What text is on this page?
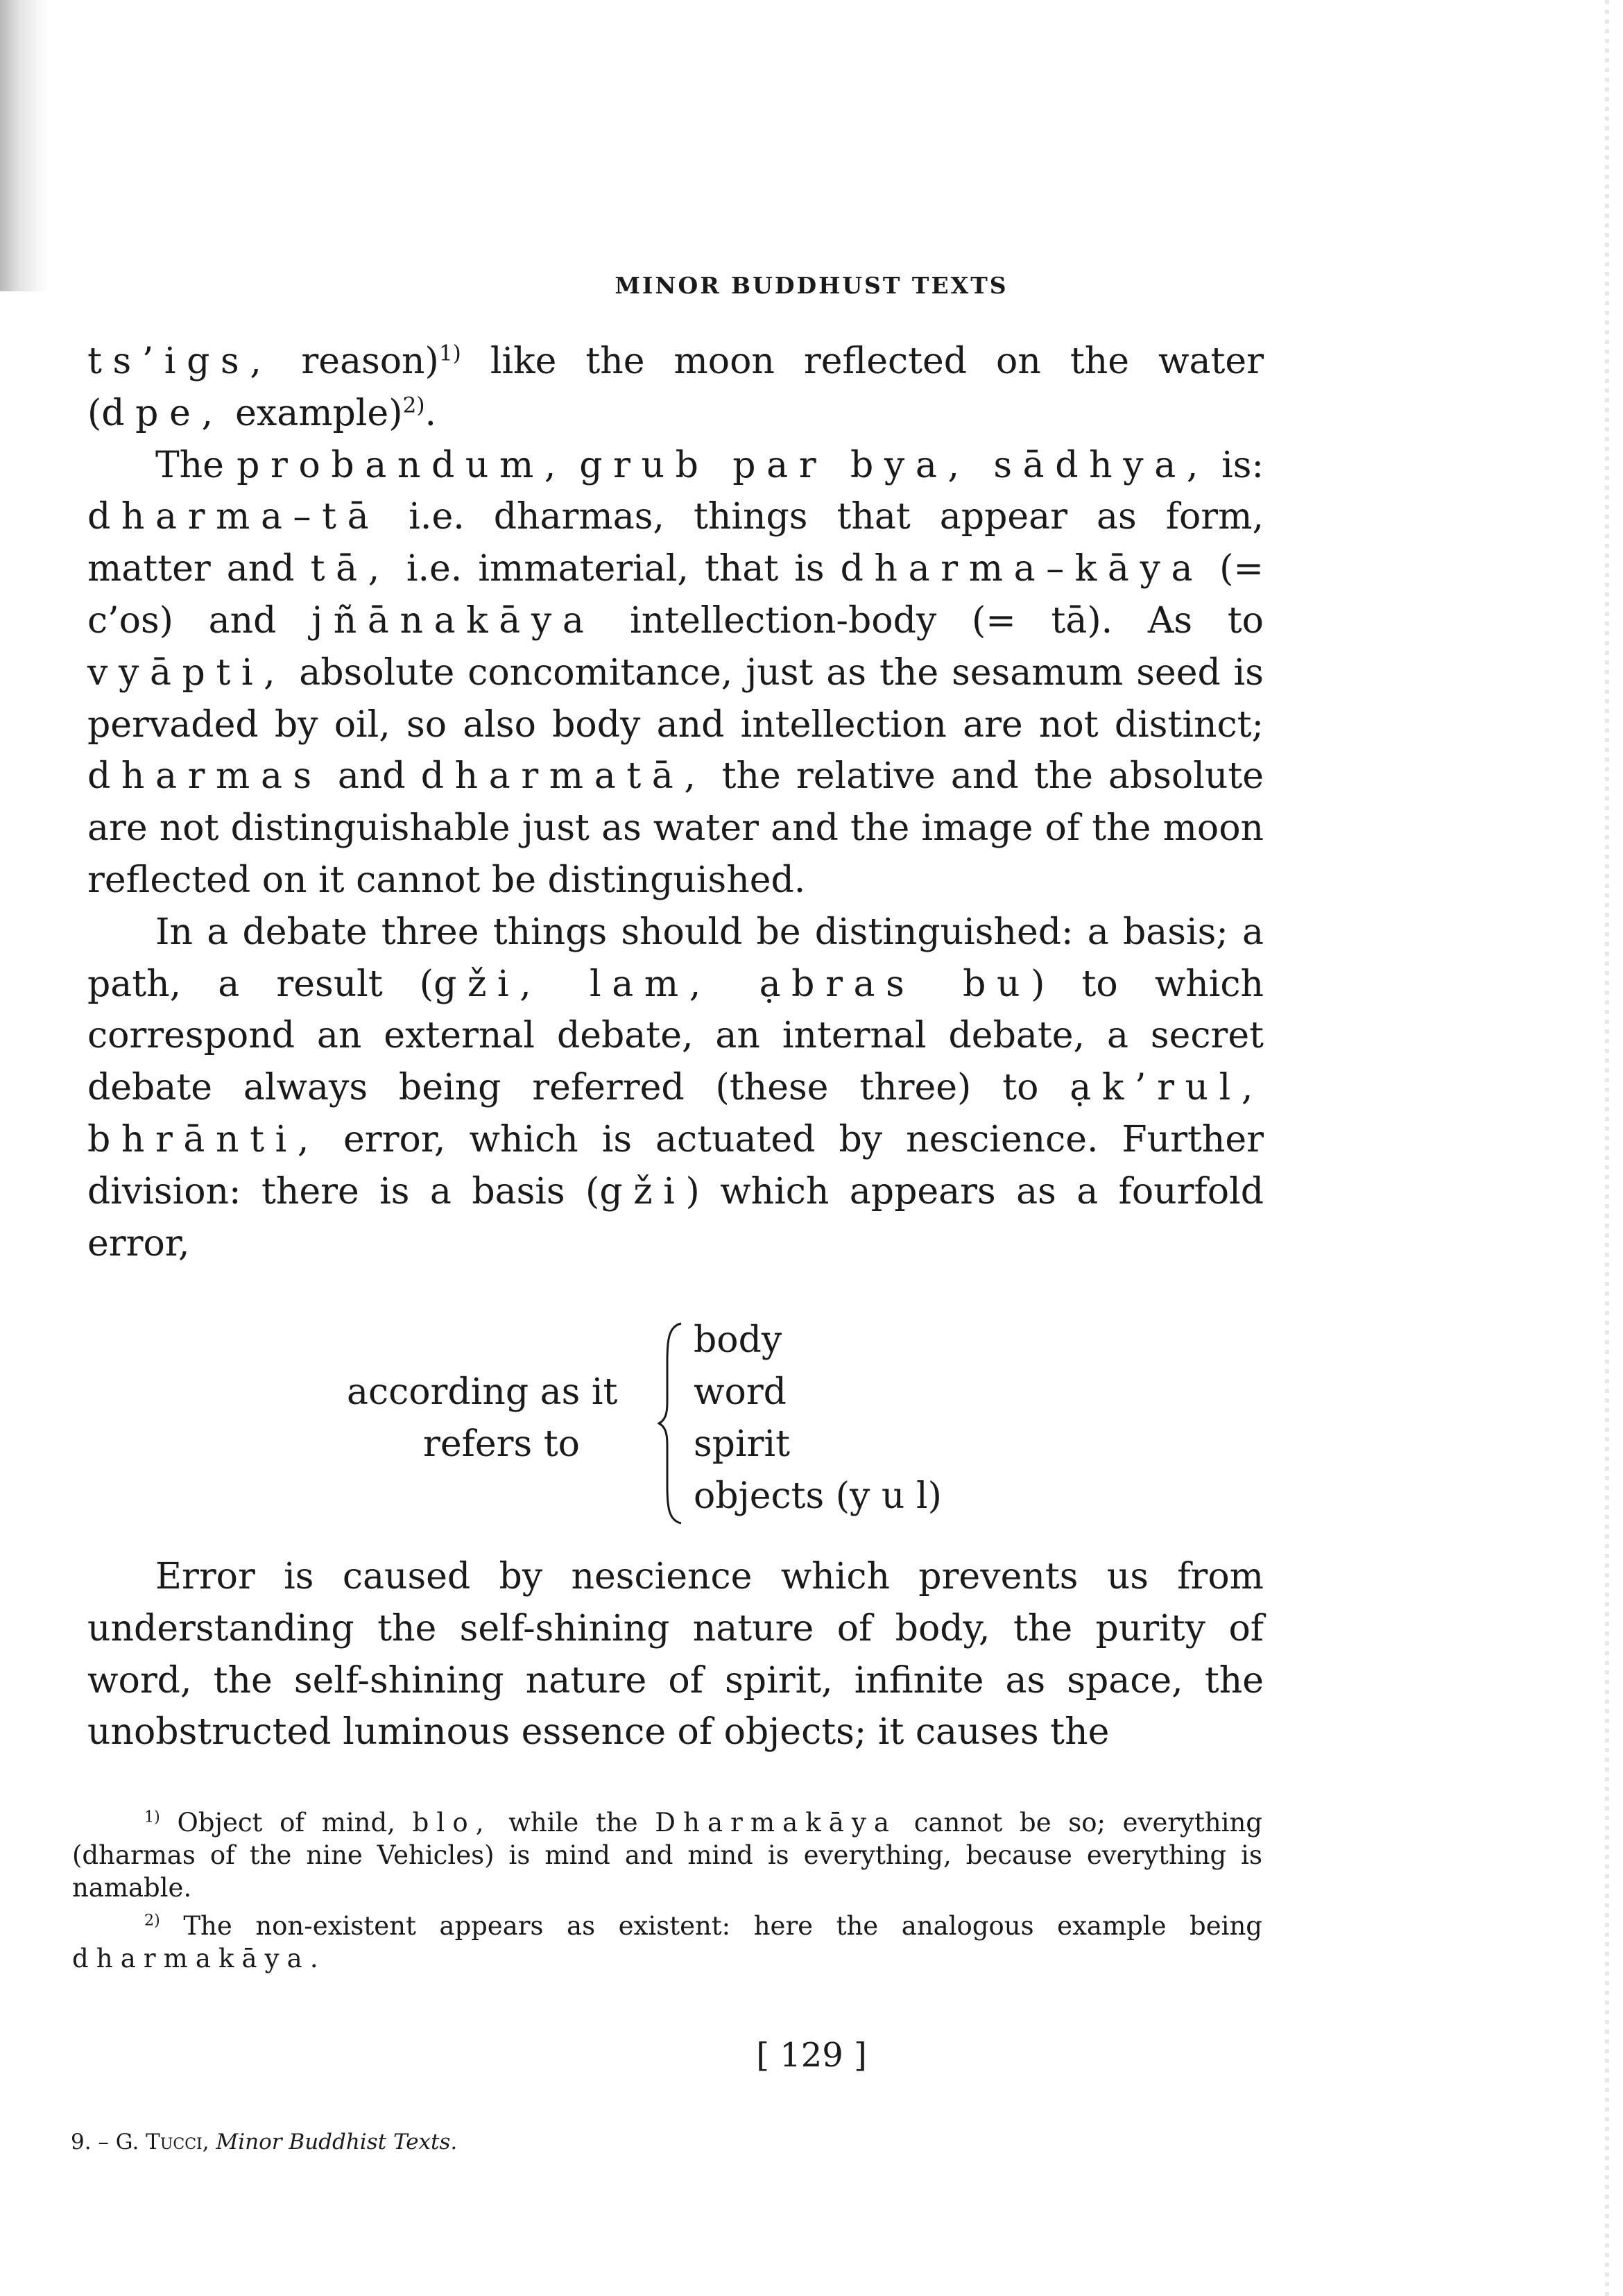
MINOR BUDDHUST TEXTS

ts’igs, reason)$^{1)}$ like the moon reflected on the water (dpe, example)$^{2)}$.

The probandum, grub par bya, sādhya, is: dharma–tā i.e. dharmas, things that appear as form, matter and tā, i.e. immaterial, that is dharma–kāya (= c’os) and jñānakāya intellection-body (= tā). As to vyāpti, absolute concomitance, just as the sesamum seed is pervaded by oil, so also body and intellection are not distinct; dharmas and dharmatā, the relative and the absolute are not distinguishable just as water and the image of the moon reflected on it cannot be distinguished.

In a debate three things should be distinguished: a basis; a path, a result (gži, lam, ạbras bu) to which correspond an external debate, an internal debate, a secret debate always being referred (these three) to ạk’rul, bhrānti, error, which is actuated by nescience. Further division: there is a basis (gži) which appears as a fourfold error,

according as it
refers to
body
word
spirit
objects (y u l)

Error is caused by nescience which prevents us from understanding the self-shining nature of body, the purity of word, the self-shining nature of spirit, infinite as space, the unobstructed luminous essence of objects; it causes the

$^{1)}$ Object of mind, blo, while the Dharmakāya cannot be so; everything (dharmas of the nine Vehicles) is mind and mind is everything, because everything is namable.

$^{2)}$ The non-existent appears as existent: here the analogous example being dharmakāya.

[ 129 ]
9. – G. Tucci, Minor Buddhist Texts.
